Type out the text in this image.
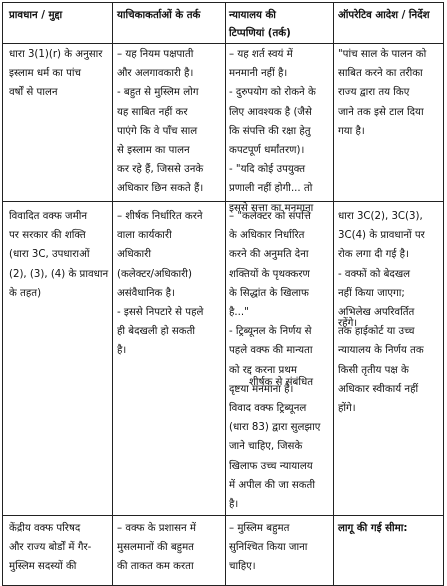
प्रावधान / मुद्दा	याचिकाकर्ताओं के तर्क	न्यायालय की टिप्पणियां (तर्क)

ऑपरेटिव आदेश / निर्देश

धारा 3(1)(r) के अनुसार

इस्लाम धर्म का पांच

वर्षों से पालन

– यह नियम पक्षपाती

और अलगावकारी है।

- बहुत से मुस्लिम लोग

यह साबित नहीं कर

पाएंगे कि वे पाँच साल

से इस्लाम का पालन

कर रहे हैं, जिससे उनके

अधिकार छिन सकते हैं।

– यह शर्त स्वयं में

मनमानी नहीं है।

- दुरुपयोग को रोकने के

लिए आवश्यक है (जैसे

कि संपत्ति की रक्षा हेतु

कपटपूर्ण धर्मांतरण)।

- "यदि कोई उपयुक्त

प्रणाली नहीं होगी... तो

इससे सत्ता का मनमाना

"पांच साल के पालन को

साबित करने का तरीका

राज्य द्वारा तय किए

जाने तक इसे टाल दिया

गया है।

विवादित वक्फ जमीन

पर सरकार की शक्ति

(धारा 3C, उपधाराओं

(2), (3), (4) के प्रावधान

के तहत)

– शीर्षक निर्धारित करने

वाला कार्यकारी

अधिकारी

(कलेक्टर/अधिकारी)

असंवैधानिक है।

- इससे निपटारे से पहले

ही बेदखली हो सकती

है।

– "कलेक्टर को संपत्ति

के अधिकार निर्धारित

करने की अनुमति देना

शक्तियों के पृथक्करण

के सिद्धांत के खिलाफ

है..."

- ट्रिब्यूनल के निर्णय से

पहले वक्फ की मान्यता

को रद्द करना प्रथम

दृष्टया मनमाना है।

विवाद वक्फ ट्रिब्यूनल

(धारा 83) द्वारा सुलझाए

जाने चाहिए, जिसके

खिलाफ उच्च न्यायालय

में अपील की जा सकती

है।

शीर्षक से संबंधित

धारा 3C(2), 3C(3),

3C(4) के प्रावधानों पर

रोक लगा दी गई है।

- वक्फों को बेदखल

नहीं किया जाएगा;

अभिलेख अपरिवर्तित

रहेंगे।

तक हाईकोर्ट या उच्च

न्यायालय के निर्णय तक

किसी तृतीय पक्ष के

अधिकार स्वीकार्य नहीं

होंगे।

केंद्रीय वक्फ परिषद

और राज्य बोर्डों में गैर-

मुस्लिम सदस्यों की

– वक्फ के प्रशासन में

मुसलमानों की बहुमत

की ताकत कम करता

– मुस्लिम बहुमत

सुनिश्चित किया जाना

चाहिए।

लागू की गई सीमा:
